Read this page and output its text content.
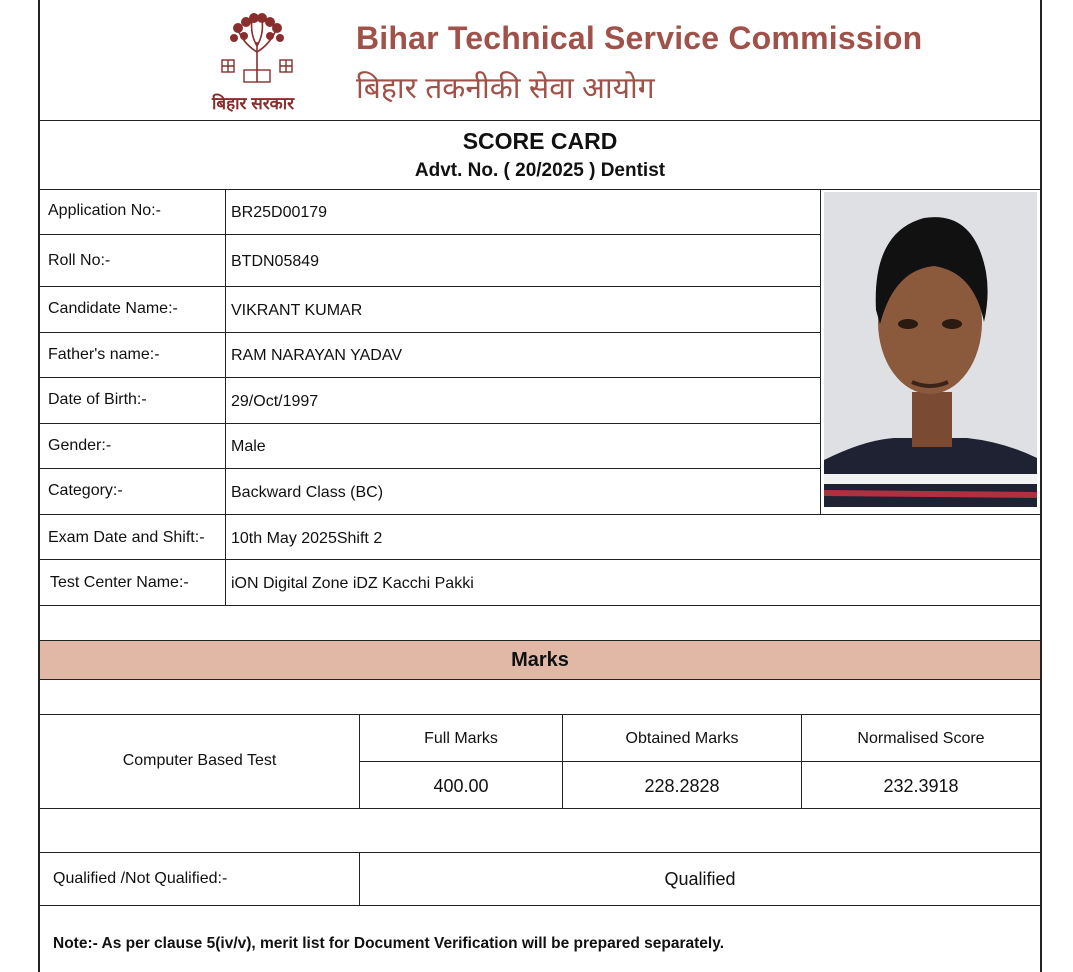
बिहार सरकार
Bihar Technical Service Commission
बिहार तकनीकी सेवा आयोग
SCORE CARD
Advt. No. ( 20/2025 ) Dentist
Application No:-	BR25D00179
Roll No:-	BTDN05849
Candidate Name:-	VIKRANT KUMAR
Father's name:-	RAM NARAYAN YADAV
Date of Birth:-	29/Oct/1997
Gender:-	Male
Category:-	Backward Class (BC)
Exam Date and Shift:- 10th May 2025Shift 2
Test Center Name:-	iON Digital Zone iDZ Kacchi Pakki
Marks
Computer Based Test
Full Marks	Obtained Marks	Normalised Score
400.00	228.2828	232.3918
Qualified /Not Qualified:-	Qualified
Note:- As per clause 5(iv/v), merit list for Document Verification will be prepared separately.
